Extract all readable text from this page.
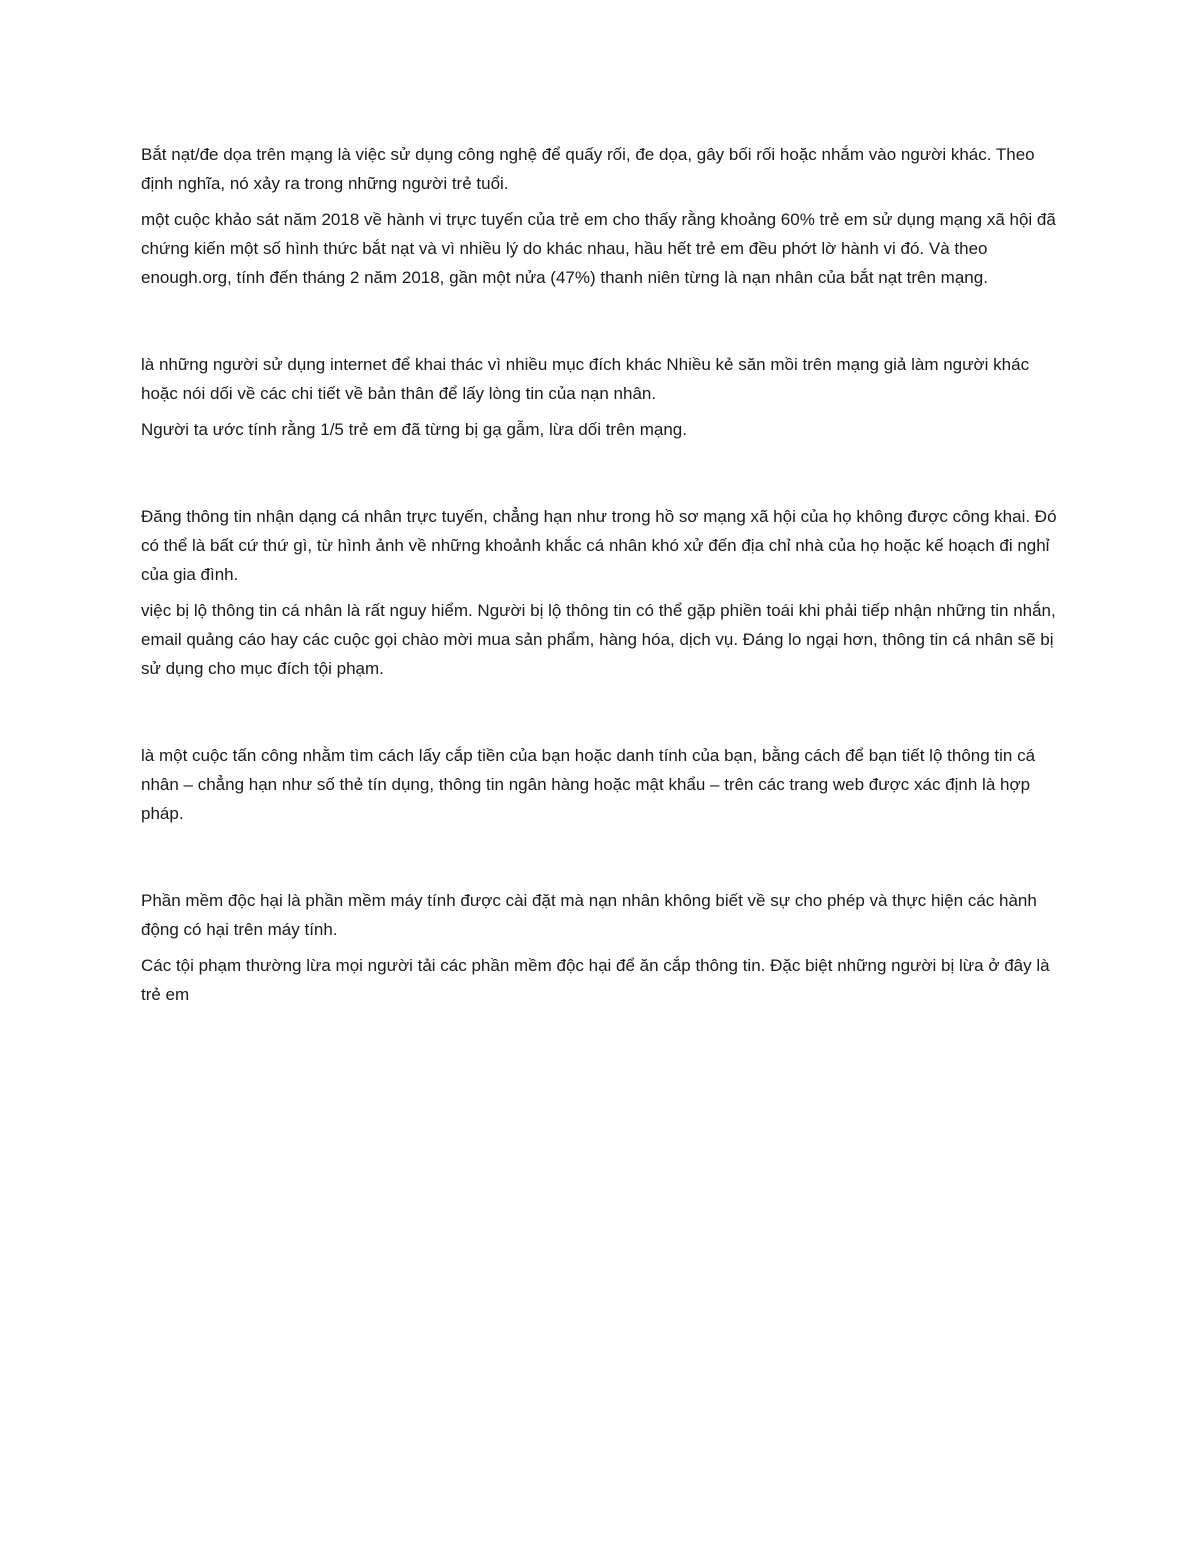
Bắt nạt/đe dọa trên mạng là việc sử dụng công nghệ để quấy rối, đe dọa, gây bối rối hoặc nhắm vào người khác. Theo định nghĩa, nó xảy ra trong những người trẻ tuổi.

một cuộc khảo sát năm 2018 về hành vi trực tuyến của trẻ em cho thấy rằng khoảng 60% trẻ em sử dụng mạng xã hội đã chứng kiến một số hình thức bắt nạt và vì nhiều lý do khác nhau, hầu hết trẻ em đều phớt lờ hành vi đó. Và theo enough.org, tính đến tháng 2 năm 2018, gần một nửa (47%) thanh niên từng là nạn nhân của bắt nạt trên mạng.

là những người sử dụng internet để khai thác vì nhiều mục đích khác Nhiều kẻ săn mồi trên mạng giả làm người khác hoặc nói dối về các chi tiết về bản thân để lấy lòng tin của nạn nhân.

Người ta ước tính rằng 1/5 trẻ em đã từng bị gạ gẫm, lừa dối trên mạng.

Đăng thông tin nhận dạng cá nhân trực tuyến, chẳng hạn như trong hồ sơ mạng xã hội của họ không được công khai. Đó có thể là bất cứ thứ gì, từ hình ảnh về những khoảnh khắc cá nhân khó xử đến địa chỉ nhà của họ hoặc kế hoạch đi nghỉ của gia đình.

việc bị lộ thông tin cá nhân là rất nguy hiểm. Người bị lộ thông tin có thể gặp phiền toái khi phải tiếp nhận những tin nhắn, email quảng cáo hay các cuộc gọi chào mời mua sản phẩm, hàng hóa, dịch vụ. Đáng lo ngại hơn, thông tin cá nhân sẽ bị sử dụng cho mục đích tội phạm.

là một cuộc tấn công nhằm tìm cách lấy cắp tiền của bạn hoặc danh tính của bạn, bằng cách để bạn tiết lộ thông tin cá nhân – chẳng hạn như số thẻ tín dụng, thông tin ngân hàng hoặc mật khẩu – trên các trang web được xác định là hợp pháp.

Phần mềm độc hại là phần mềm máy tính được cài đặt mà nạn nhân không biết về sự cho phép và thực hiện các hành động có hại trên máy tính.

Các tội phạm thường lừa mọi người tải các phần mềm độc hại để ăn cắp thông tin. Đặc biệt những người bị lừa ở đây là trẻ em
